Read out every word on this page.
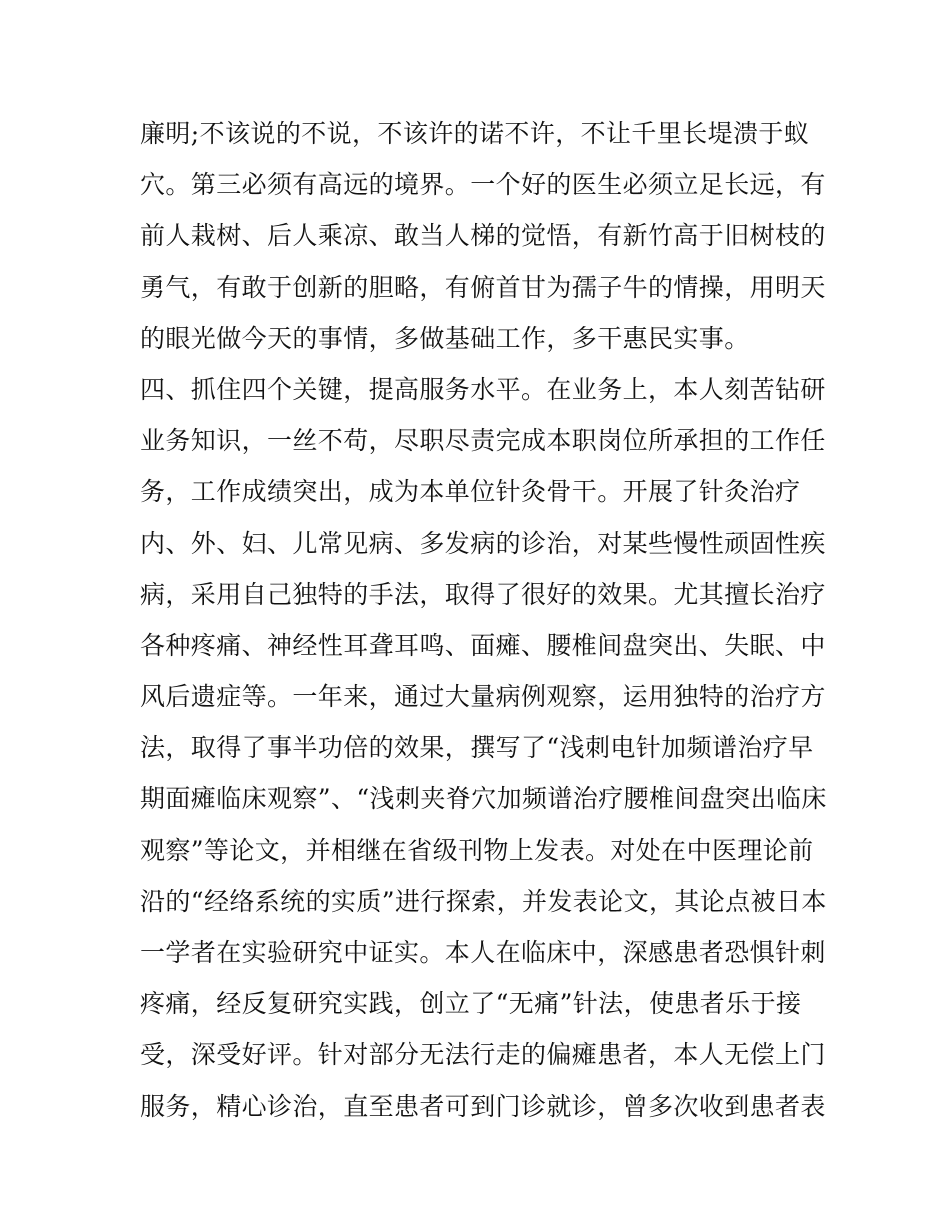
廉明;不该说的不说，不该许的诺不许，不让千里长堤溃于蚁
穴。第三必须有高远的境界。一个好的医生必须立足长远，有
前人栽树、后人乘凉、敢当人梯的觉悟，有新竹高于旧树枝的
勇气，有敢于创新的胆略，有俯首甘为孺子牛的情操，用明天
的眼光做今天的事情，多做基础工作，多干惠民实事。
四、抓住四个关键，提高服务水平。在业务上，本人刻苦钻研
业务知识，一丝不苟，尽职尽责完成本职岗位所承担的工作任
务，工作成绩突出，成为本单位针灸骨干。开展了针灸治疗
内、外、妇、儿常见病、多发病的诊治，对某些慢性顽固性疾
病，采用自己独特的手法，取得了很好的效果。尤其擅长治疗
各种疼痛、神经性耳聋耳鸣、面瘫、腰椎间盘突出、失眠、中
风后遗症等。一年来，通过大量病例观察，运用独特的治疗方
法，取得了事半功倍的效果，撰写了“浅刺电针加频谱治疗早
期面瘫临床观察”、“浅刺夹脊穴加频谱治疗腰椎间盘突出临床
观察”等论文，并相继在省级刊物上发表。对处在中医理论前
沿的“经络系统的实质”进行探索，并发表论文，其论点被日本
一学者在实验研究中证实。本人在临床中，深感患者恐惧针刺
疼痛，经反复研究实践，创立了“无痛”针法，使患者乐于接
受，深受好评。针对部分无法行走的偏瘫患者，本人无偿上门
服务，精心诊治，直至患者可到门诊就诊，曾多次收到患者表
